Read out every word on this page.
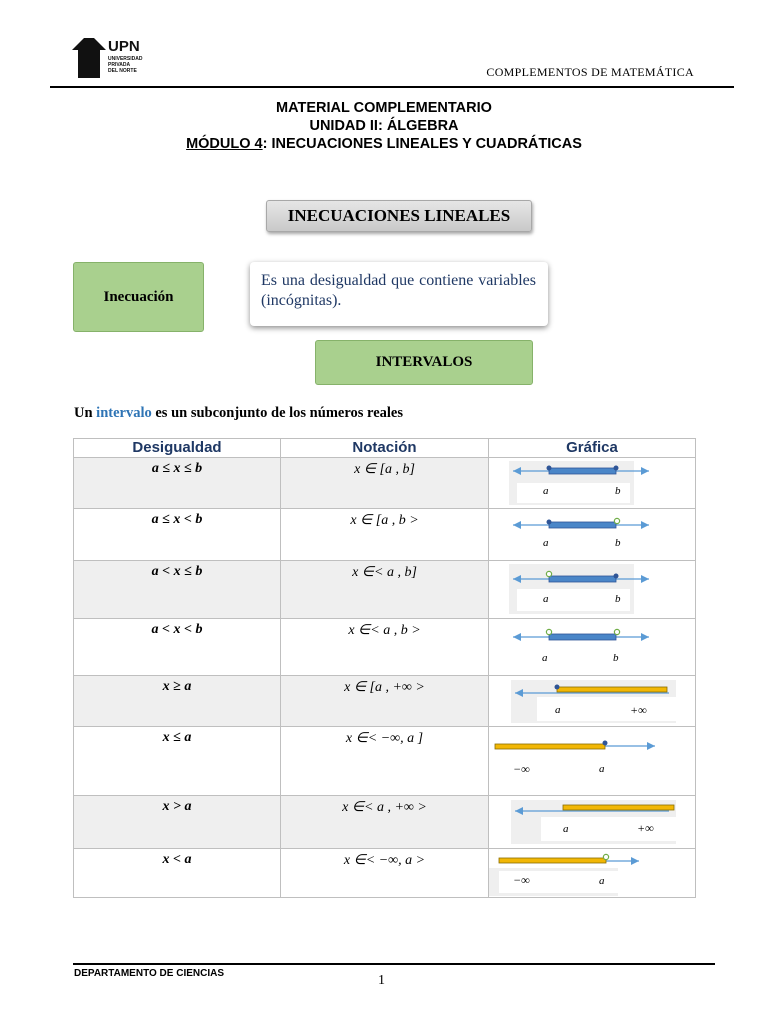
UPN
UNIVERSIDAD
PRIVADA
DEL NORTE	COMPLEMENTOS DE MATEMÁTICA
MATERIAL COMPLEMENTARIO
UNIDAD II: ÁLGEBRA
MÓDULO 4: INECUACIONES LINEALES Y CUADRÁTICAS
INECUACIONES LINEALES
Inecuación
Es una desigualdad que contiene variables (incógnitas).
INTERVALOS
Un intervalo es un subconjunto de los números reales
Desigualdad	Notación	Gráfica
a ≤ x ≤ b	x ∈ [a , b]	a b

a ≤ x < b	x ∈ [a , b >	a b

a < x ≤ b	x ∈< a , b]	a b

a < x < b	x ∈< a , b >	a b

x ≥ a	x ∈ [a , +∞ >	a +∞

x ≤ a	x ∈< −∞, a ]	−∞ a

x > a	x ∈< a , +∞ >	a +∞

x < a	x ∈< −∞, a >	−∞ a
DEPARTAMENTO DE CIENCIAS	1
